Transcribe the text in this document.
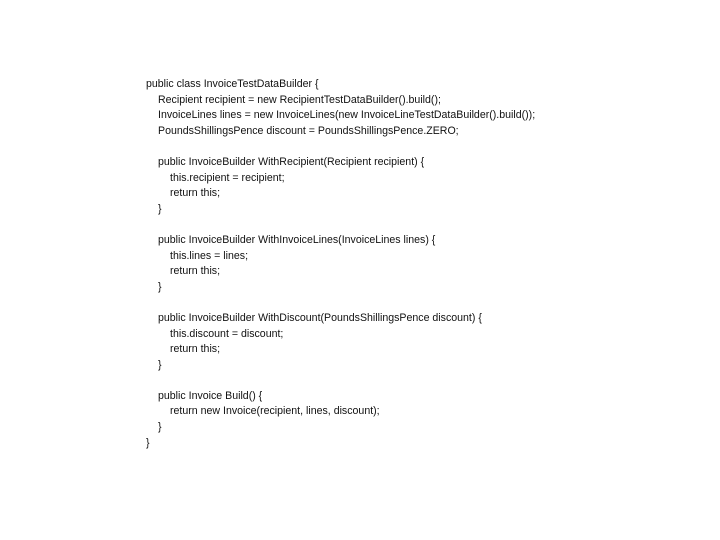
public class InvoiceTestDataBuilder {
Recipient recipient = new RecipientTestDataBuilder().build();
InvoiceLines lines = new InvoiceLines(new InvoiceLineTestDataBuilder().build());
PoundsShillingsPence discount = PoundsShillingsPence.ZERO;
public InvoiceBuilder WithRecipient(Recipient recipient) {
this.recipient = recipient;
return this;
}
public InvoiceBuilder WithInvoiceLines(InvoiceLines lines) {
this.lines = lines;
return this;
}
public InvoiceBuilder WithDiscount(PoundsShillingsPence discount) {
this.discount = discount;
return this;
}
public Invoice Build() {
return new Invoice(recipient, lines, discount);
}
}
